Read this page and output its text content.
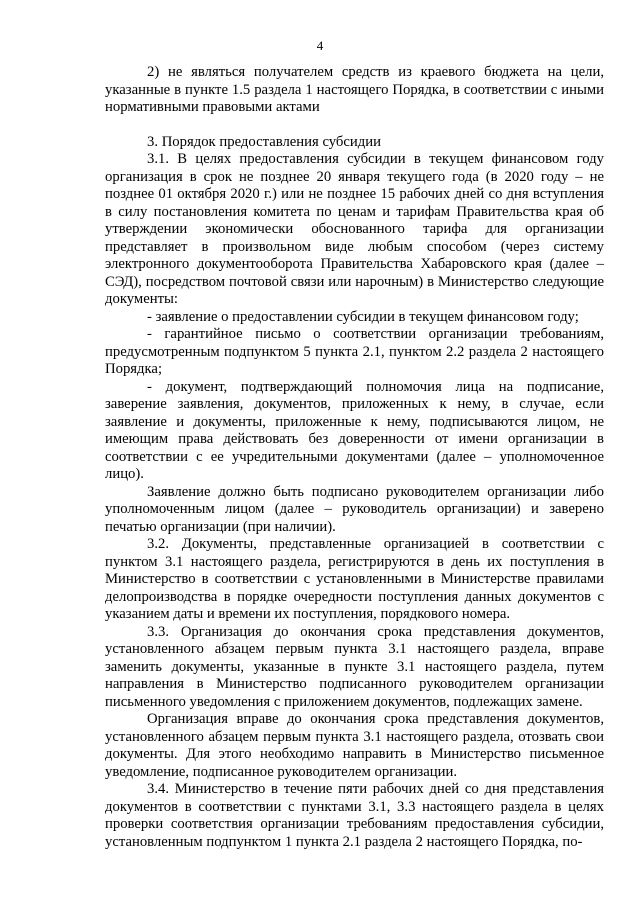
4

2) не являться получателем средств из краевого бюджета на цели, указанные в пункте 1.5 раздела 1 настоящего Порядка, в соответствии с иными нормативными правовыми актами

3. Порядок предоставления субсидии

3.1. В целях предоставления субсидии в текущем финансовом году организация в срок не позднее 20 января текущего года (в 2020 году – не позднее 01 октября 2020 г.) или не позднее 15 рабочих дней со дня вступления в силу постановления комитета по ценам и тарифам Правительства края об утверждении экономически обоснованного тарифа для организации представляет в произвольном виде любым способом (через систему электронного документооборота Правительства Хабаровского края (далее – СЭД), посредством почтовой связи или нарочным) в Министерство следующие документы:

- заявление о предоставлении субсидии в текущем финансовом году;

- гарантийное письмо о соответствии организации требованиям, предусмотренным подпунктом 5 пункта 2.1, пунктом 2.2 раздела 2 настоящего Порядка;

- документ, подтверждающий полномочия лица на подписание, заверение заявления, документов, приложенных к нему, в случае, если заявление и документы, приложенные к нему, подписываются лицом, не имеющим права действовать без доверенности от имени организации в соответствии с ее учредительными документами (далее – уполномоченное лицо).

Заявление должно быть подписано руководителем организации либо уполномоченным лицом (далее – руководитель организации) и заверено печатью организации (при наличии).

3.2. Документы, представленные организацией в соответствии с пунктом 3.1 настоящего раздела, регистрируются в день их поступления в Министерство в соответствии с установленными в Министерстве правилами делопроизводства в порядке очередности поступления данных документов с указанием даты и времени их поступления, порядкового номера.

3.3. Организация до окончания срока представления документов, установленного абзацем первым пункта 3.1 настоящего раздела, вправе заменить документы, указанные в пункте 3.1 настоящего раздела, путем направления в Министерство подписанного руководителем организации письменного уведомления с приложением документов, подлежащих замене.

Организация вправе до окончания срока представления документов, установленного абзацем первым пункта 3.1 настоящего раздела, отозвать свои документы. Для этого необходимо направить в Министерство письменное уведомление, подписанное руководителем организации.

3.4. Министерство в течение пяти рабочих дней со дня представления документов в соответствии с пунктами 3.1, 3.3 настоящего раздела в целях проверки соответствия организации требованиям предоставления субсидии, установленным подпунктом 1 пункта 2.1 раздела 2 настоящего Порядка, по-
